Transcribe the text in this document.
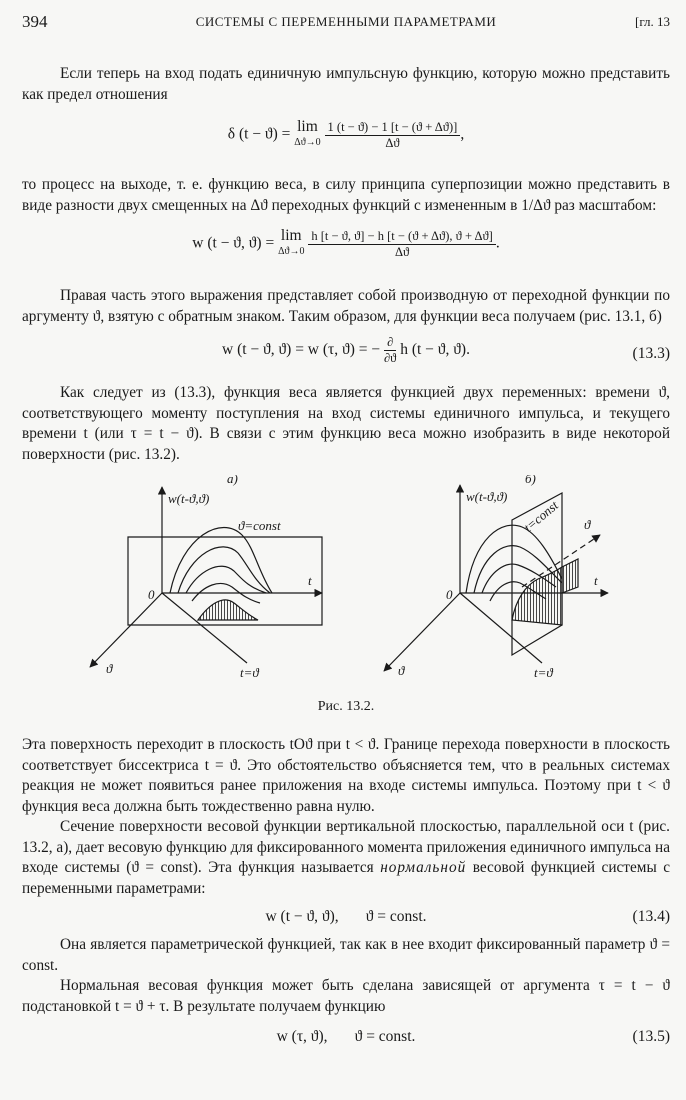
394	СИСТЕМЫ С ПЕРЕМЕННЫМИ ПАРАМЕТРАМИ	[гл. 13

Если теперь на вход подать единичную импульсную функцию, которую можно представить как предел отношения

δ (t − ϑ) = lim
Δϑ→0
$\frac{1 (t - ϑ) - 1 [t - (ϑ + \Delta ϑ)]}{\Delta ϑ}$ ,

то процесс на выходе, т. е. функцию веса, в силу принципа суперпозиции можно представить в виде разности двух смещенных на Δϑ переходных функций с измененным в 1/Δϑ раз масштабом:

w (t − ϑ, ϑ) = lim
Δϑ→0
$\frac{h [t - ϑ, ϑ] - h [t - (ϑ + \Delta ϑ), ϑ + \Delta ϑ]}{\Delta ϑ}$ .

Правая часть этого выражения представляет собой производную от переходной функции по аргументу ϑ, взятую с обратным знаком. Таким образом, для функции веса получаем (рис. 13.1, б)

w (t − ϑ, ϑ) = w (τ, ϑ) = − $\frac{\partial}{\partial ϑ}$ h (t − ϑ, ϑ).	(13.3)

Как следует из (13.3), функция веса является функцией двух переменных: времени ϑ, соответствующего моменту поступления на вход системы единичного импульса, и текущего времени t (или τ = t − ϑ). В связи с этим функцию веса можно изобразить в виде некоторой поверхности (рис. 13.2).

а)
w(t-ϑ,ϑ)
ϑ=const
0
t
ϑ	t=ϑ
б)
w(t-ϑ,ϑ)
t=const
0
t
ϑ
ϑ	t=ϑ
Рис. 13.2.

Эта поверхность переходит в плоскость tOϑ при t < ϑ. Границе перехода поверхности в плоскость соответствует биссектриса t = ϑ. Это обстоятельство объясняется тем, что в реальных системах реакция не может появиться ранее приложения на входе системы импульса. Поэтому при t < ϑ функция веса должна быть тождественно равна нулю.

Сечение поверхности весовой функции вертикальной плоскостью, параллельной оси t (рис. 13.2, а), дает весовую функцию для фиксированного момента приложения единичного импульса на входе системы (ϑ = const). Эта функция называется нормальной весовой функцией системы с переменными параметрами:

w (t − ϑ, ϑ),       ϑ = const.	(13.4)

Она является параметрической функцией, так как в нее входит фиксированный параметр ϑ = const.

Нормальная весовая функция может быть сделана зависящей от аргумента τ = t − ϑ подстановкой t = ϑ + τ. В результате получаем функцию

w (τ, ϑ),       ϑ = const.	(13.5)
